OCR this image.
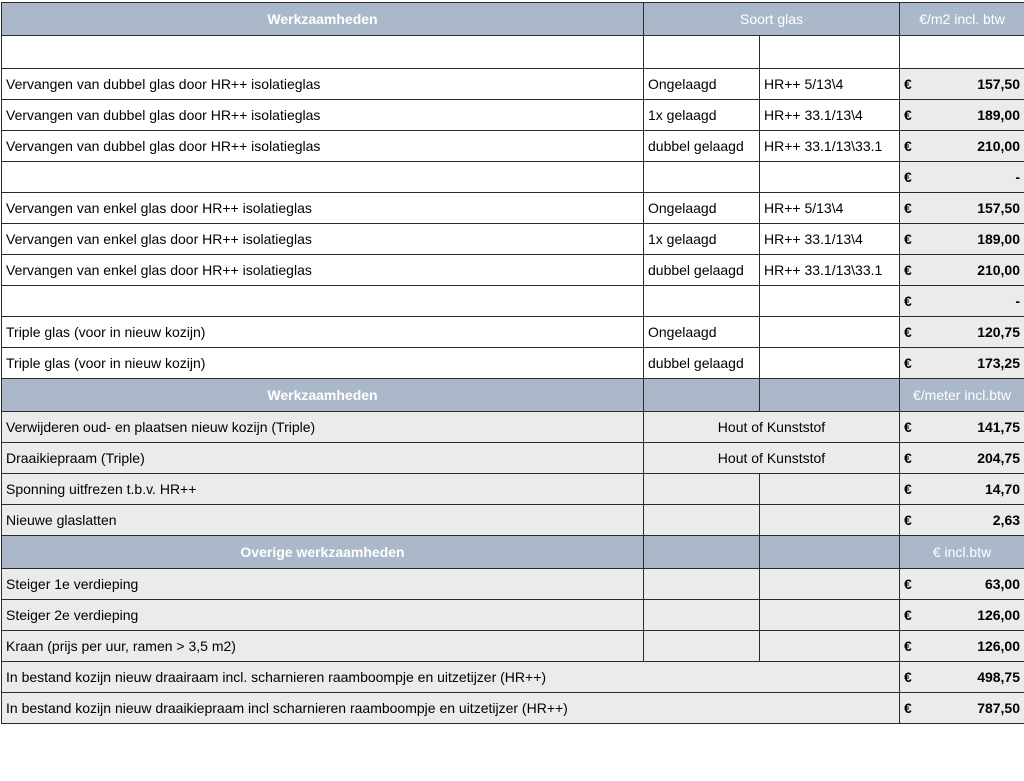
Werkzaamheden	Soort glas		€/m2 incl. btw	

Vervangen van dubbel glas door HR++ isolatieglas	Ongelaagd	HR++ 5/13\4	€	157,50
Vervangen van dubbel glas door HR++ isolatieglas	1x gelaagd	HR++ 33.1/13\4	€	189,00
Vervangen van dubbel glas door HR++ isolatieglas	dubbel gelaagd	HR++ 33.1/13\33.1	€	210,00
			€	-
Vervangen van enkel glas door HR++ isolatieglas	Ongelaagd	HR++ 5/13\4	€	157,50
Vervangen van enkel glas door HR++ isolatieglas	1x gelaagd	HR++ 33.1/13\4	€	189,00
Vervangen van enkel glas door HR++ isolatieglas	dubbel gelaagd	HR++ 33.1/13\33.1	€	210,00
			€	-
Triple glas (voor in nieuw kozijn)	Ongelaagd		€	120,75
Triple glas (voor in nieuw kozijn)	dubbel gelaagd		€	173,25
Werkzaamheden			€/meter incl.btw	
Verwijderen oud- en plaatsen nieuw kozijn (Triple)	Hout of Kunststof		€	141,75
Draaikiepraam (Triple)	Hout of Kunststof		€	204,75
Sponning uitfrezen t.b.v. HR++			€	14,70
Nieuwe glaslatten			€	2,63
Overige werkzaamheden			€ incl.btw	
Steiger 1e verdieping			€	63,00
Steiger 2e verdieping			€	126,00
Kraan (prijs per uur, ramen > 3,5 m2)			€	126,00
In bestand kozijn nieuw draairaam incl. scharnieren raamboompje en uitzetijzer (HR++)			€	498,75
In bestand kozijn nieuw draaikiepraam incl scharnieren raamboompje en uitzetijzer (HR++)			€	787,50
